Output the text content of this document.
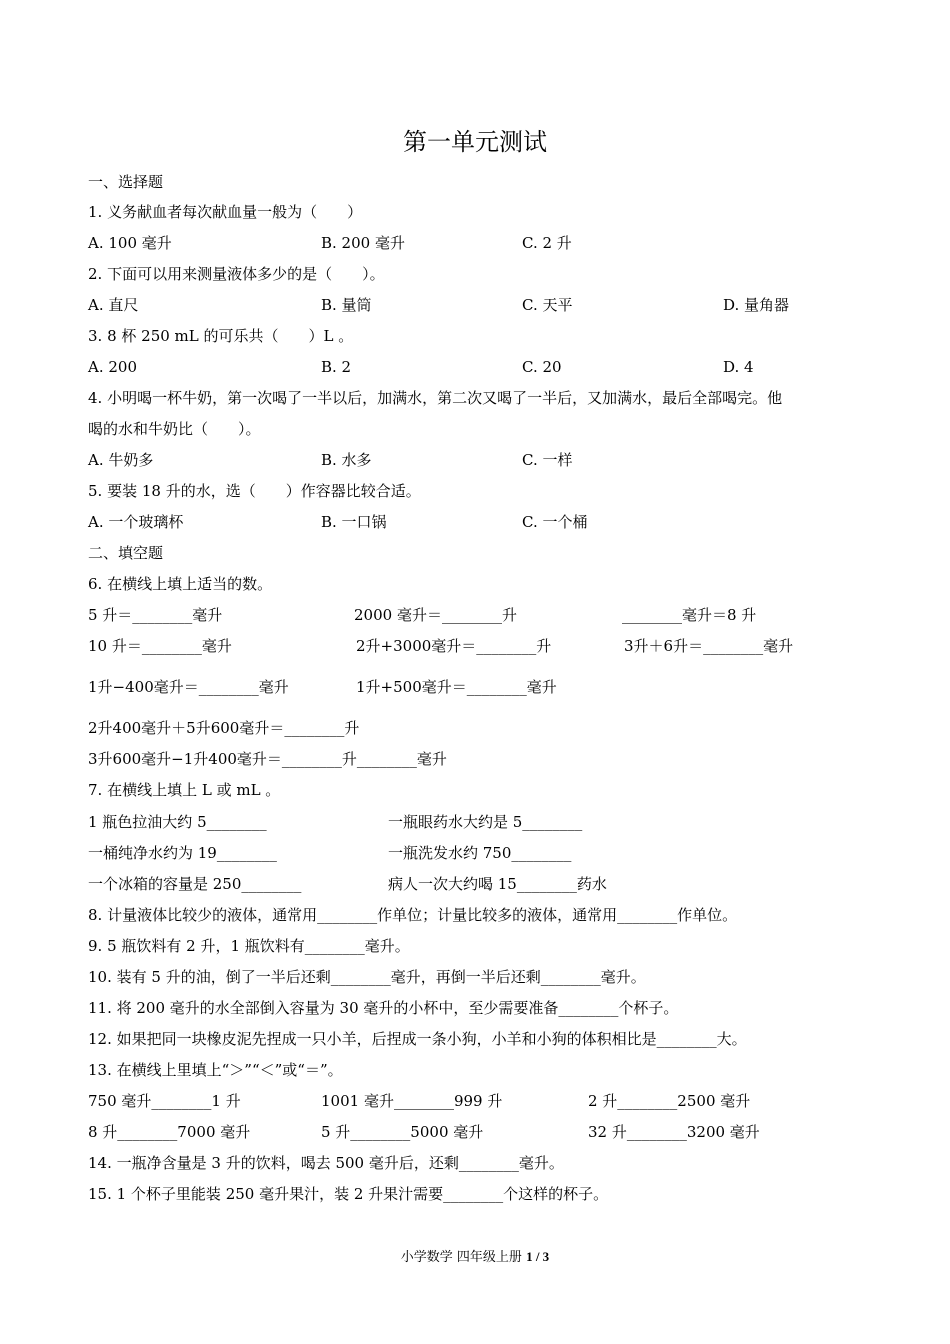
第一单元测试
一、选择题
1. 义务献血者每次献血量一般为（　　）
A. 100 毫升	B. 200 毫升	C. 2 升
2. 下面可以用来测量液体多少的是（　　）。
A. 直尺	B. 量筒	C. 天平	D. 量角器
3. 8 杯 250 mL 的可乐共（　　）L 。
A. 200	B. 2	C. 20	D. 4
4. 小明喝一杯牛奶，第一次喝了一半以后，加满水，第二次又喝了一半后，又加满水，最后全部喝完。他
喝的水和牛奶比（　　）。
A. 牛奶多	B. 水多	C. 一样
5. 要装 18 升的水，选（　　）作容器比较合适。
A. 一个玻璃杯	B. 一口锅	C. 一个桶
二、填空题
6. 在横线上填上适当的数。
5 升＝________毫升	2000 毫升＝________升	________毫升＝8 升
10 升＝________毫升	2升+3000毫升＝________升	3升＋6升＝________毫升
1升−400毫升＝________毫升	1升+500毫升＝________毫升
2升400毫升＋5升600毫升＝________升
3升600毫升−1升400毫升＝________升________毫升
7. 在横线上填上 L 或 mL 。
1 瓶色拉油大约 5________	一瓶眼药水大约是 5________
一桶纯净水约为 19________	一瓶洗发水约 750________
一个冰箱的容量是 250________	病人一次大约喝 15________药水
8. 计量液体比较少的液体，通常用________作单位；计量比较多的液体，通常用________作单位。
9. 5 瓶饮料有 2 升，1 瓶饮料有________毫升。
10. 装有 5 升的油，倒了一半后还剩________毫升，再倒一半后还剩________毫升。
11. 将 200 毫升的水全部倒入容量为 30 毫升的小杯中，至少需要准备________个杯子。
12. 如果把同一块橡皮泥先捏成一只小羊，后捏成一条小狗，小羊和小狗的体积相比是________大。
13. 在横线上里填上“＞”“＜”或“＝”。
750 毫升________1 升	1001 毫升________999 升	2 升________2500 毫升
8 升________7000 毫升	5 升________5000 毫升	32 升________3200 毫升
14. 一瓶净含量是 3 升的饮料，喝去 500 毫升后，还剩________毫升。
15. 1 个杯子里能装 250 毫升果汁，装 2 升果汁需要________个这样的杯子。
小学数学 四年级上册 1 / 3
